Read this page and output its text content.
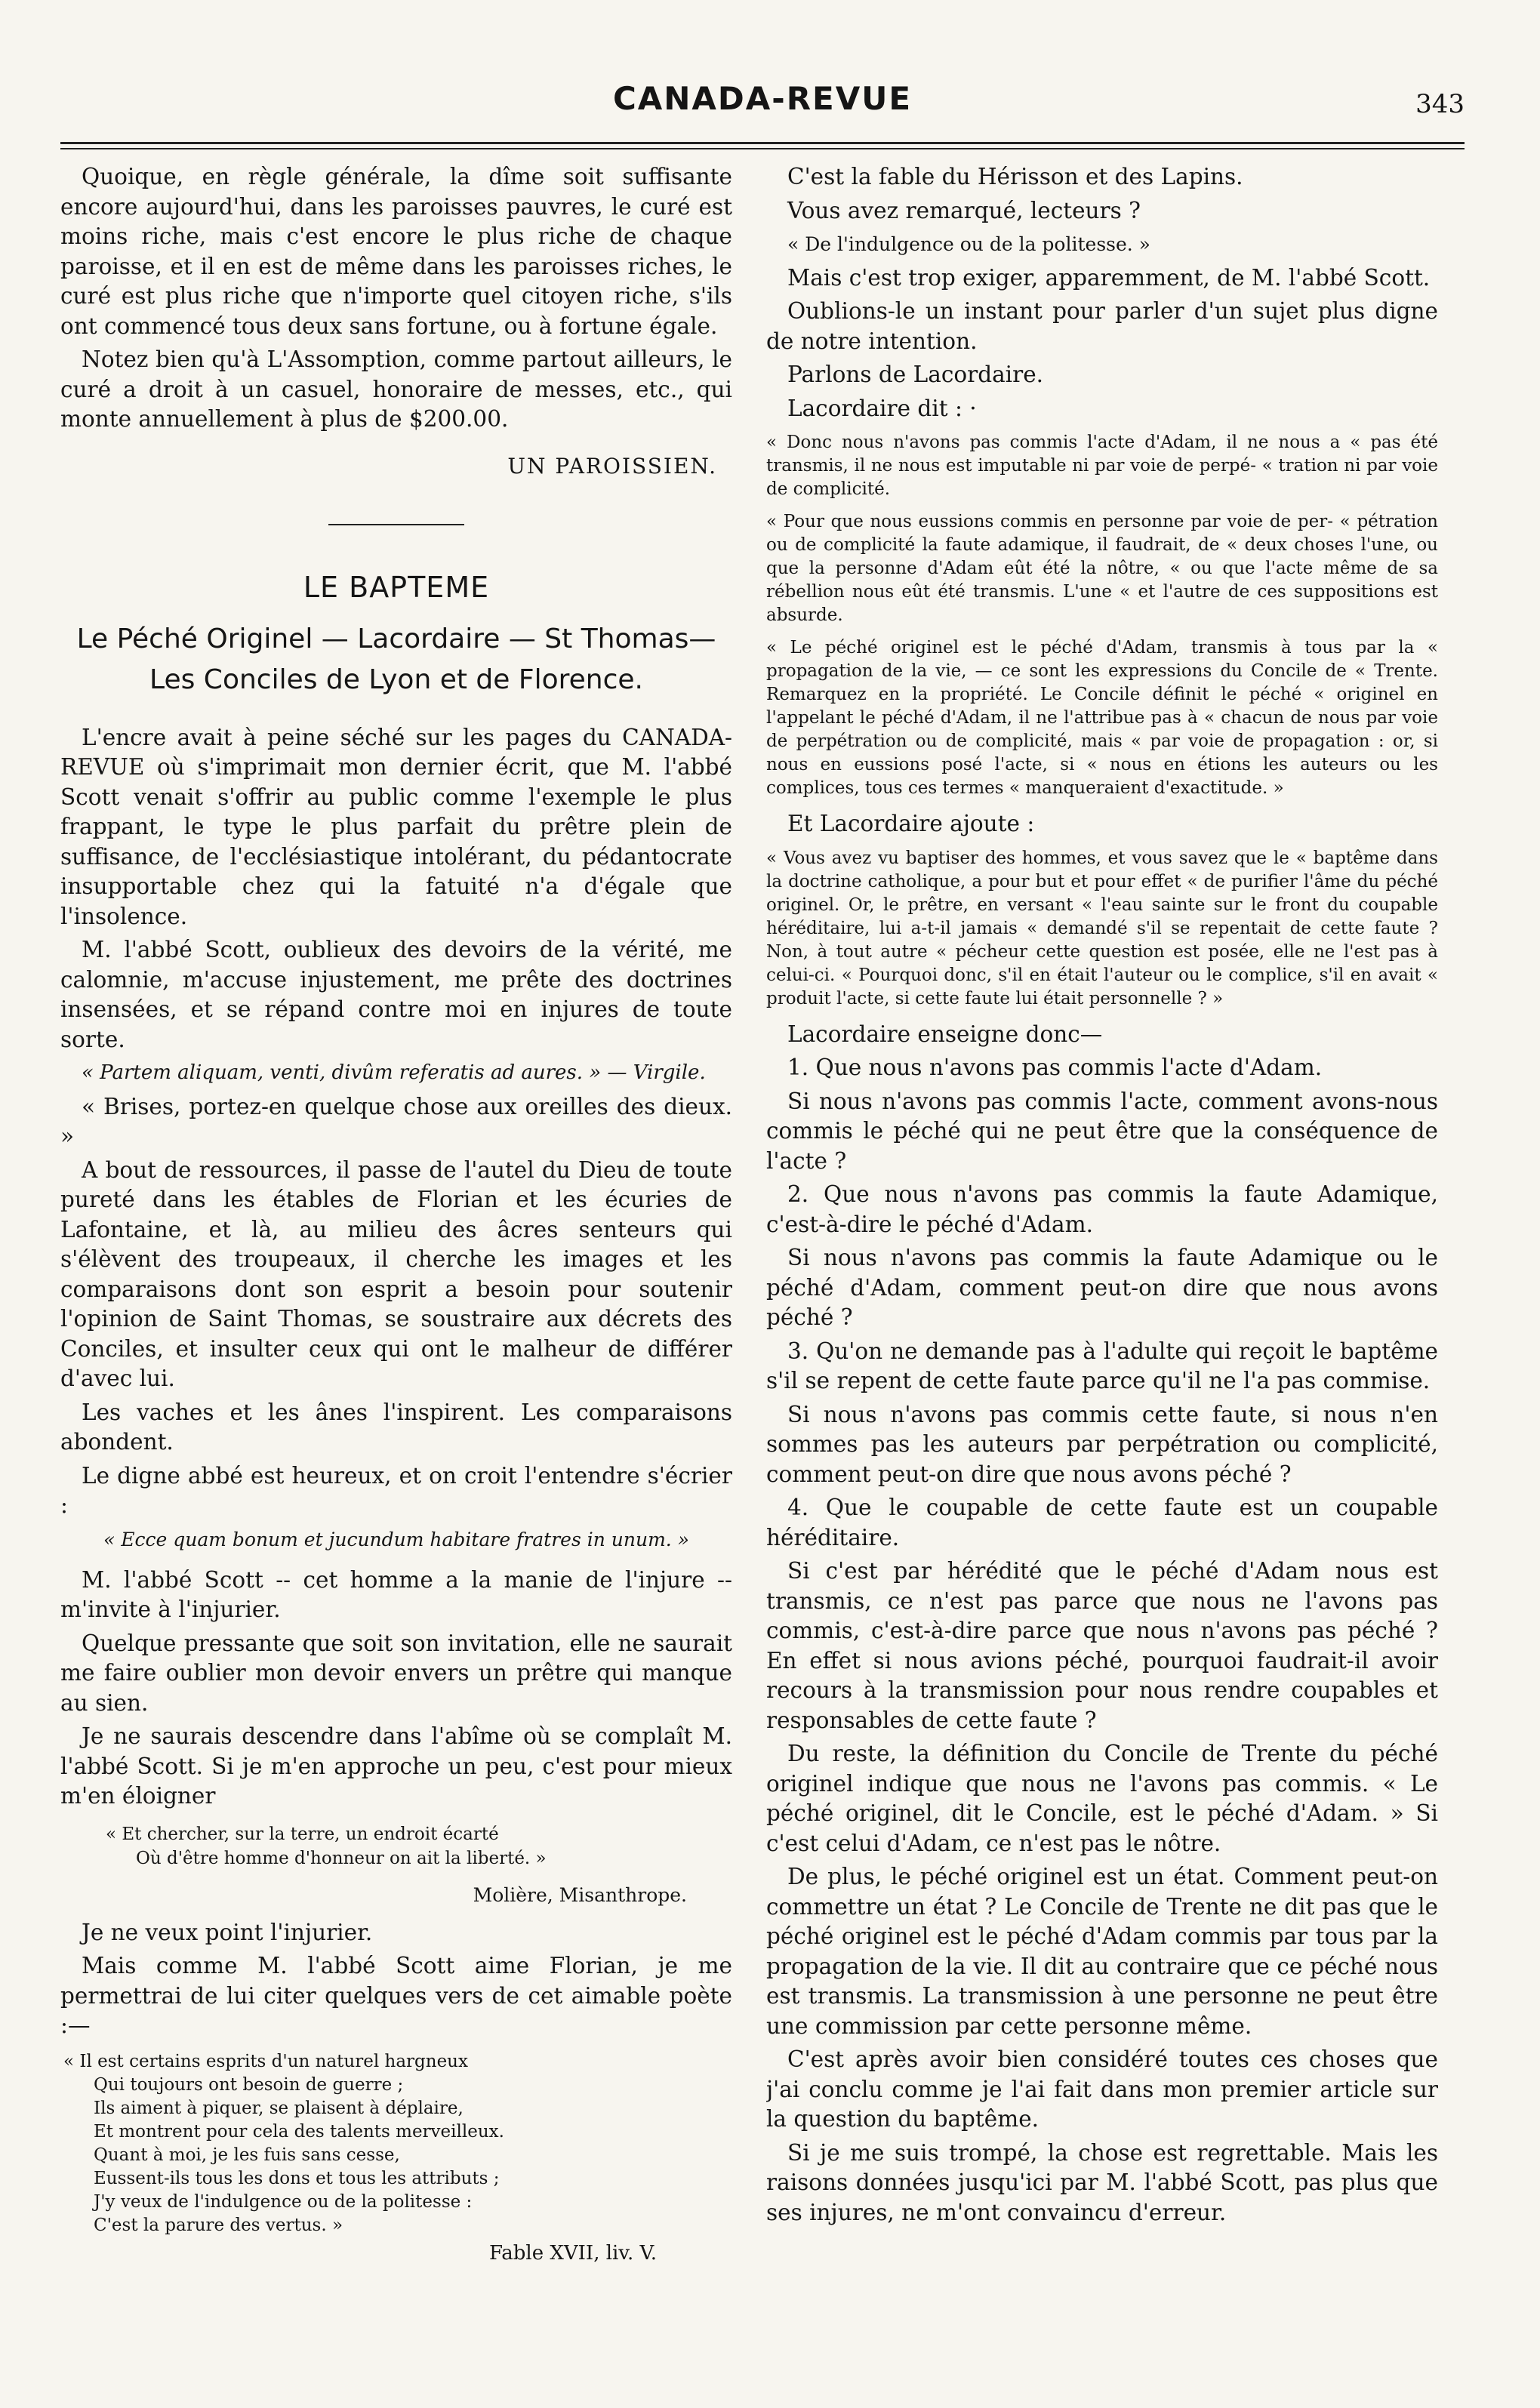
CANADA-REVUE	343

Quoique, en règle générale, la dîme soit suffisante encore aujourd'hui, dans les paroisses pauvres, le curé est moins riche, mais c'est encore le plus riche de chaque paroisse, et il en est de même dans les paroisses riches, le curé est plus riche que n'importe quel citoyen riche, s'ils ont commencé tous deux sans fortune, ou à fortune égale.

Notez bien qu'à L'Assomption, comme partout ailleurs, le curé a droit à un casuel, honoraire de messes, etc., qui monte annuellement à plus de $200.00.

UN PAROISSIEN.
LE BAPTEME
Le Péché Originel — Lacordaire — St Thomas—
Les Conciles de Lyon et de Florence.

L'encre avait à peine séché sur les pages du CANADA-REVUE où s'imprimait mon dernier écrit, que M. l'abbé Scott venait s'offrir au public comme l'exemple le plus frappant, le type le plus parfait du prêtre plein de suffisance, de l'ecclésiastique intolérant, du pédantocrate insupportable chez qui la fatuité n'a d'égale que l'insolence.

M. l'abbé Scott, oublieux des devoirs de la vérité, me calomnie, m'accuse injustement, me prête des doctrines insensées, et se répand contre moi en injures de toute sorte.

« Partem aliquam, venti, divûm referatis ad aures. » — Virgile.

« Brises, portez-en quelque chose aux oreilles des dieux. »

A bout de ressources, il passe de l'autel du Dieu de toute pureté dans les étables de Florian et les écuries de Lafontaine, et là, au milieu des âcres senteurs qui s'élèvent des troupeaux, il cherche les images et les comparaisons dont son esprit a besoin pour soutenir l'opinion de Saint Thomas, se soustraire aux décrets des Conciles, et insulter ceux qui ont le malheur de différer d'avec lui.

Les vaches et les ânes l'inspirent. Les comparaisons abondent.

Le digne abbé est heureux, et on croit l'entendre s'écrier :

« Ecce quam bonum et jucundum habitare fratres in unum. »

M. l'abbé Scott -- cet homme a la manie de l'injure -- m'invite à l'injurier.

Quelque pressante que soit son invitation, elle ne saurait me faire oublier mon devoir envers un prêtre qui manque au sien.

Je ne saurais descendre dans l'abîme où se complaît M. l'abbé Scott. Si je m'en approche un peu, c'est pour mieux m'en éloigner

« Et chercher, sur la terre, un endroit écarté
Où d'être homme d'honneur on ait la liberté. »
Molière, Misanthrope.

Je ne veux point l'injurier.

Mais comme M. l'abbé Scott aime Florian, je me permettrai de lui citer quelques vers de cet aimable poète :—

« Il est certains esprits d'un naturel hargneux
Qui toujours ont besoin de guerre ;
Ils aiment à piquer, se plaisent à déplaire,
Et montrent pour cela des talents merveilleux.
Quant à moi, je les fuis sans cesse,
Eussent-ils tous les dons et tous les attributs ;
J'y veux de l'indulgence ou de la politesse :
C'est la parure des vertus. »
Fable XVII, liv. V.

C'est la fable du Hérisson et des Lapins.

Vous avez remarqué, lecteurs ?

« De l'indulgence ou de la politesse. »

Mais c'est trop exiger, apparemment, de M. l'abbé Scott.

Oublions-le un instant pour parler d'un sujet plus digne de notre intention.

Parlons de Lacordaire.

Lacordaire dit : ·

« Donc nous n'avons pas commis l'acte d'Adam, il ne nous a « pas été transmis, il ne nous est imputable ni par voie de perpé- « tration ni par voie de complicité.
« Pour que nous eussions commis en personne par voie de per- « pétration ou de complicité la faute adamique, il faudrait, de « deux choses l'une, ou que la personne d'Adam eût été la nôtre, « ou que l'acte même de sa rébellion nous eût été transmis. L'une « et l'autre de ces suppositions est absurde.
« Le péché originel est le péché d'Adam, transmis à tous par la « propagation de la vie, — ce sont les expressions du Concile de « Trente. Remarquez en la propriété. Le Concile définit le péché « originel en l'appelant le péché d'Adam, il ne l'attribue pas à « chacun de nous par voie de perpétration ou de complicité, mais « par voie de propagation : or, si nous en eussions posé l'acte, si « nous en étions les auteurs ou les complices, tous ces termes « manqueraient d'exactitude. »

Et Lacordaire ajoute :

« Vous avez vu baptiser des hommes, et vous savez que le « baptême dans la doctrine catholique, a pour but et pour effet « de purifier l'âme du péché originel. Or, le prêtre, en versant « l'eau sainte sur le front du coupable héréditaire, lui a-t-il jamais « demandé s'il se repentait de cette faute ? Non, à tout autre « pécheur cette question est posée, elle ne l'est pas à celui-ci. « Pourquoi donc, s'il en était l'auteur ou le complice, s'il en avait « produit l'acte, si cette faute lui était personnelle ? »

Lacordaire enseigne donc—

1. Que nous n'avons pas commis l'acte d'Adam.

Si nous n'avons pas commis l'acte, comment avons-nous commis le péché qui ne peut être que la conséquence de l'acte ?

2. Que nous n'avons pas commis la faute Adamique, c'est-à-dire le péché d'Adam.

Si nous n'avons pas commis la faute Adamique ou le péché d'Adam, comment peut-on dire que nous avons péché ?

3. Qu'on ne demande pas à l'adulte qui reçoit le baptême s'il se repent de cette faute parce qu'il ne l'a pas commise.

Si nous n'avons pas commis cette faute, si nous n'en sommes pas les auteurs par perpétration ou complicité, comment peut-on dire que nous avons péché ?

4. Que le coupable de cette faute est un coupable héréditaire.

Si c'est par hérédité que le péché d'Adam nous est transmis, ce n'est pas parce que nous ne l'avons pas commis, c'est-à-dire parce que nous n'avons pas péché ? En effet si nous avions péché, pourquoi faudrait-il avoir recours à la transmission pour nous rendre coupables et responsables de cette faute ?

Du reste, la définition du Concile de Trente du péché originel indique que nous ne l'avons pas commis. « Le péché originel, dit le Concile, est le péché d'Adam. » Si c'est celui d'Adam, ce n'est pas le nôtre.

De plus, le péché originel est un état. Comment peut-on commettre un état ? Le Concile de Trente ne dit pas que le péché originel est le péché d'Adam commis par tous par la propagation de la vie. Il dit au contraire que ce péché nous est transmis. La transmission à une personne ne peut être une commission par cette personne même.

C'est après avoir bien considéré toutes ces choses que j'ai conclu comme je l'ai fait dans mon premier article sur la question du baptême.

Si je me suis trompé, la chose est regrettable. Mais les raisons données jusqu'ici par M. l'abbé Scott, pas plus que ses injures, ne m'ont convaincu d'erreur.
